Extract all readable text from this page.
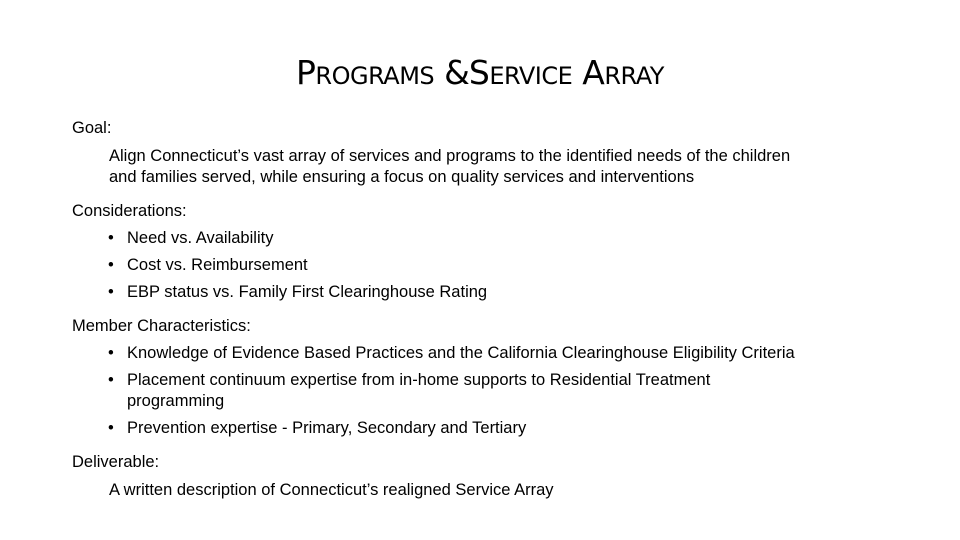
PROGRAMS &SERVICE ARRAY
Goal:
Align Connecticut’s vast array of services and programs to the identified needs of the children
and families served, while ensuring a focus on quality services and interventions
Considerations:
• Need vs. Availability
• Cost vs. Reimbursement
• EBP status vs. Family First Clearinghouse Rating
Member Characteristics:
• Knowledge of Evidence Based Practices and the California Clearinghouse Eligibility Criteria
• Placement continuum expertise from in-home supports to Residential Treatment
programming
• Prevention expertise - Primary, Secondary and Tertiary
Deliverable:
A written description of Connecticut’s realigned Service Array
